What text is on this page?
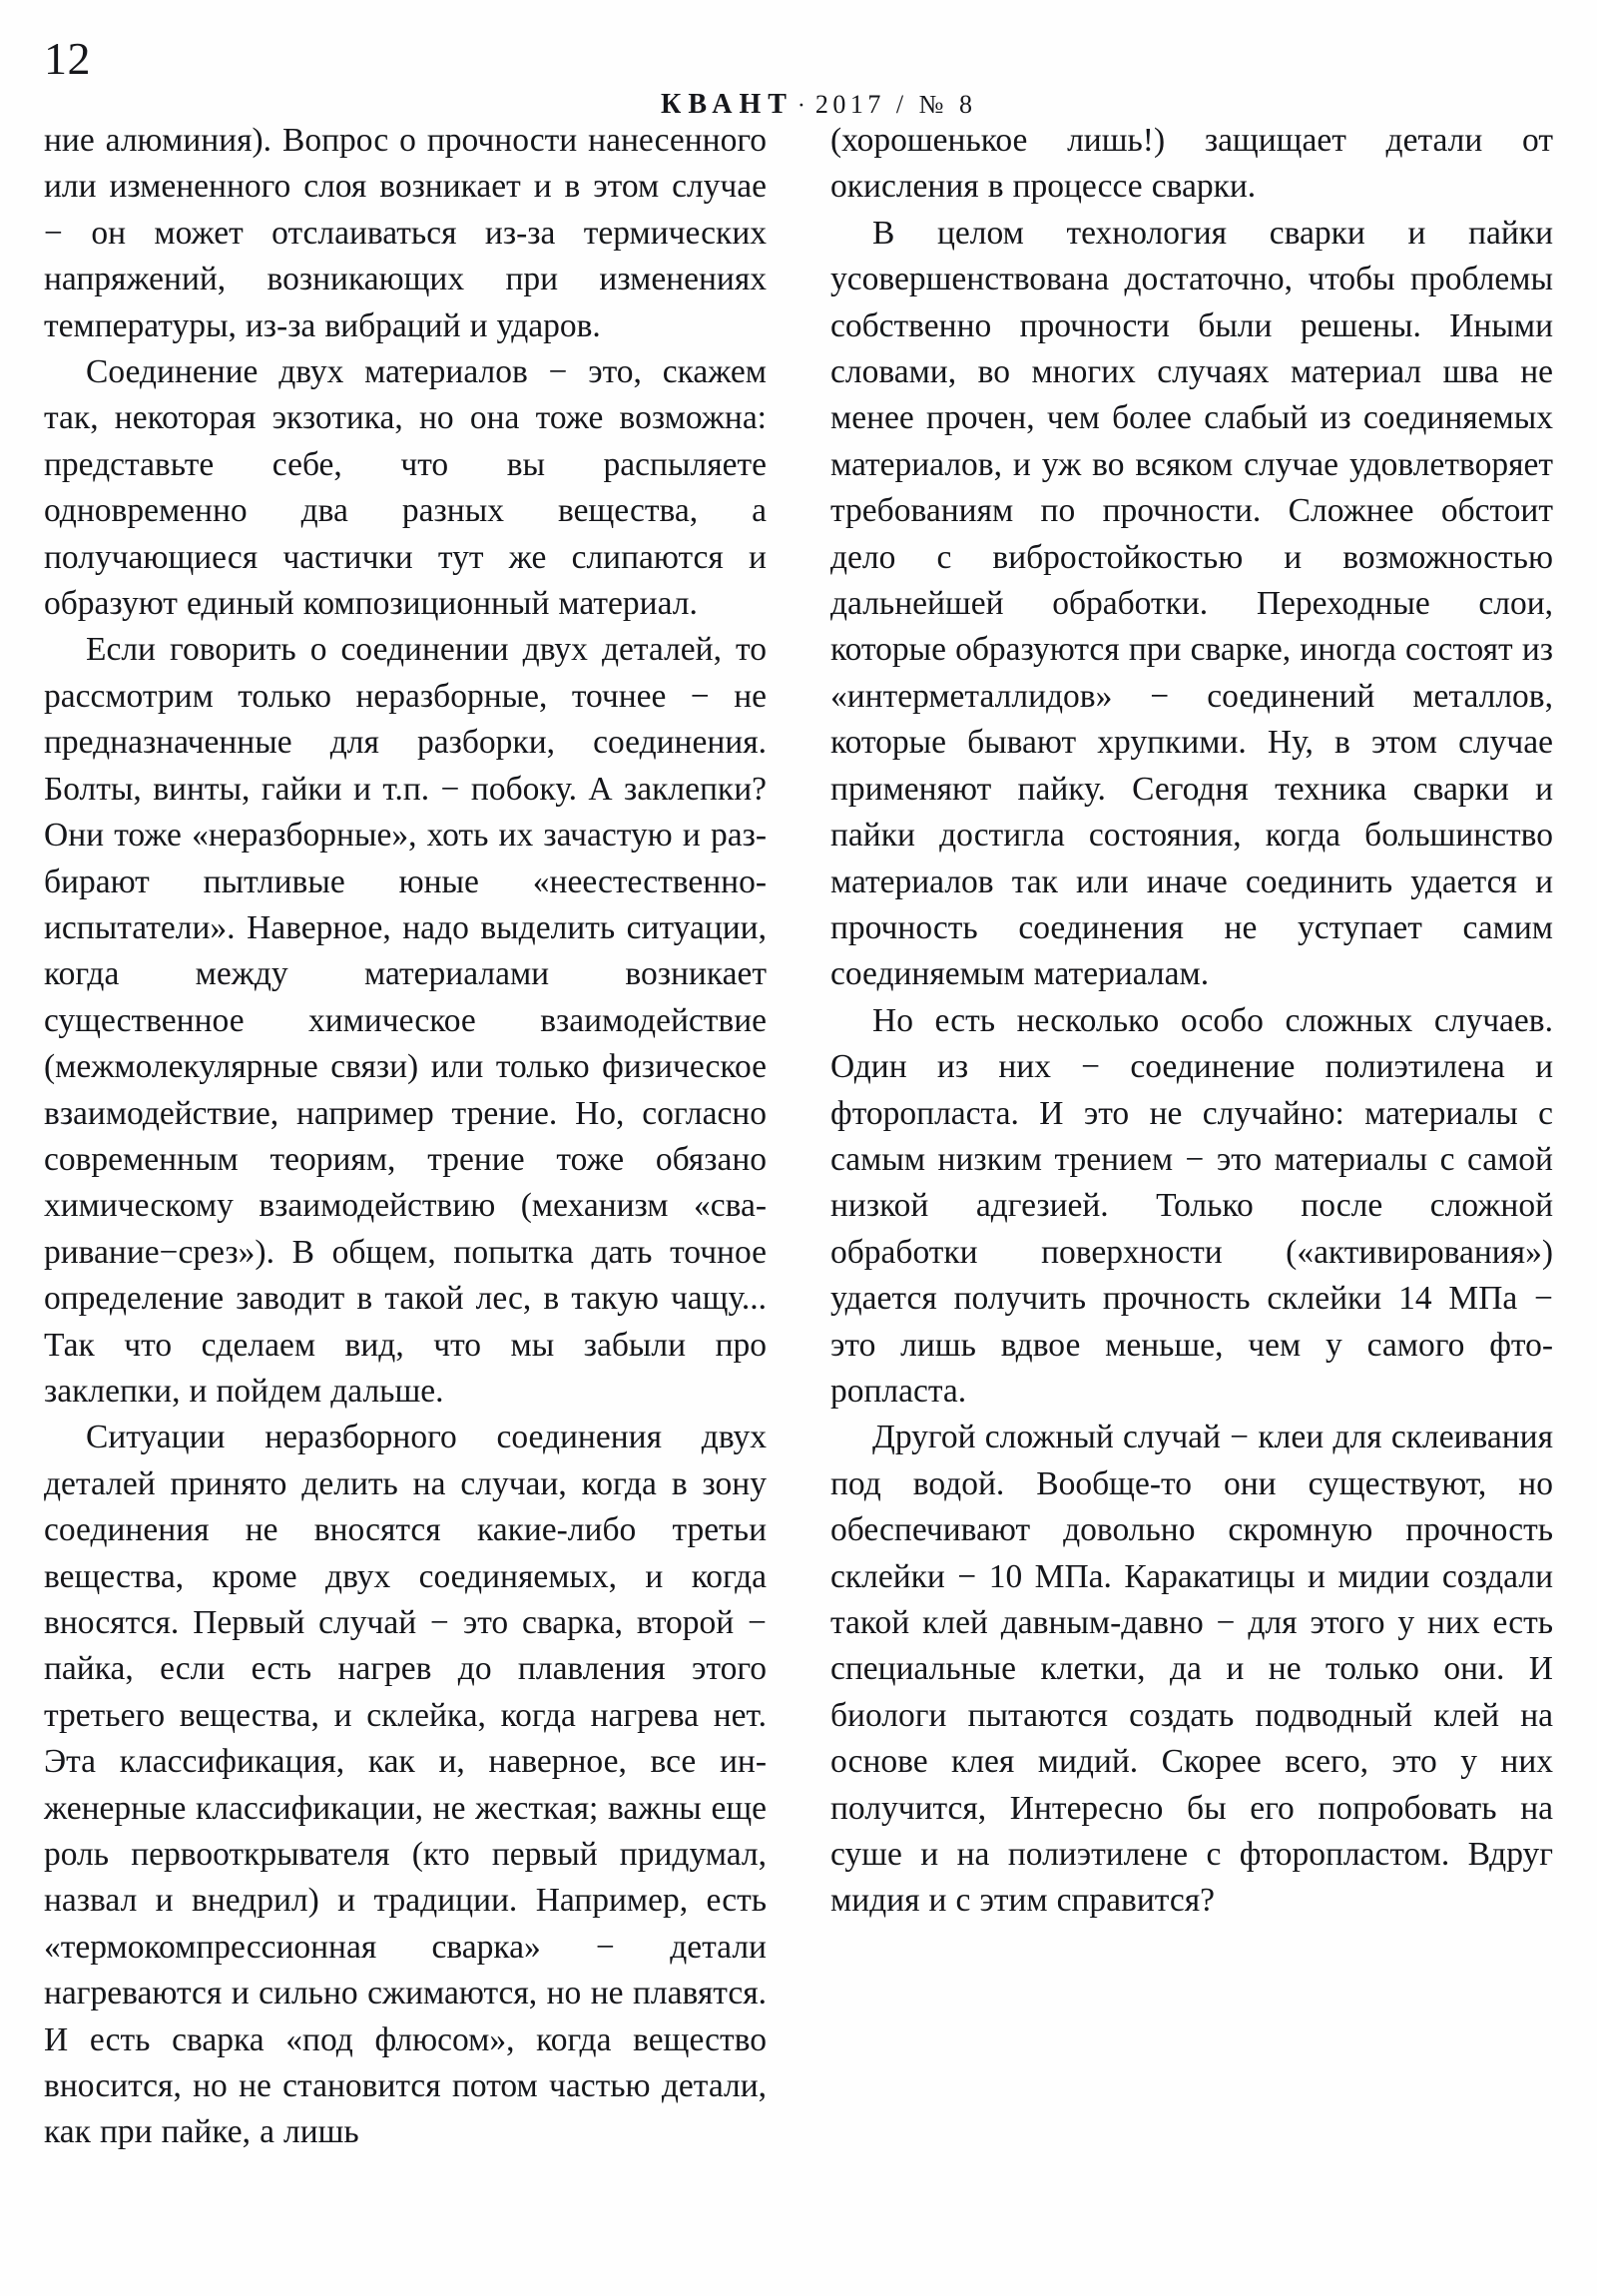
12

КВАНТ · 2017 / № 8

ние алюминия). Вопрос о прочности нанесенного или измененного слоя возникает и в этом случае − он может отслаиваться из-за термических напряжений, возникающих при изменениях температуры, из-за вибраций и ударов.

Соединение двух материалов − это, скажем так, некоторая экзотика, но она тоже возможна: представьте себе, что вы распыляете одновременно два разных вещества, а получающиеся частички тут же слипаются и образуют единый композиционный материал.

Если говорить о соединении двух деталей, то рассмотрим только неразборные, точнее − не предназначенные для разборки, соединения. Болты, винты, гайки и т.п. − побоку. А заклепки? Они тоже «неразборные», хоть их зачастую и разбирают пытливые юные «неестественноиспытатели». Наверное, надо выделить ситуации, когда между материалами возникает существенное химическое взаимодействие (межмолекулярные связи) или только физическое взаимодействие, например трение. Но, согласно современным теориям, трение тоже обязано химическому взаимодействию (механизм «сваривание−срез»). В общем, попытка дать точное определение заводит в такой лес, в такую чащу... Так что сделаем вид, что мы забыли про заклепки, и пойдем дальше.

Ситуации неразборного соединения двух деталей принято делить на случаи, когда в зону соединения не вносятся какие-либо третьи вещества, кроме двух соединяемых, и когда вносятся. Первый случай − это сварка, второй − пайка, если есть нагрев до плавления этого третьего вещества, и склейка, когда нагрева нет. Эта классификация, как и, наверное, все инженерные классификации, не жесткая; важны еще роль первооткрывателя (кто первый придумал, назвал и внедрил) и традиции. Например, есть «термокомпрессионная сварка» − детали нагреваются и сильно сжимаются, но не плавятся. И есть сварка «под флюсом», когда вещество вносится, но не становится потом частью детали, как при пайке, а лишь

(хорошенькое лишь!) защищает детали от окисления в процессе сварки.

В целом технология сварки и пайки усовершенствована достаточно, чтобы проблемы собственно прочности были решены. Иными словами, во многих случаях материал шва не менее прочен, чем более слабый из соединяемых материалов, и уж во всяком случае удовлетворяет требованиям по прочности. Сложнее обстоит дело с вибростойкостью и возможностью дальнейшей обработки. Переходные слои, которые образуются при сварке, иногда состоят из «интерметаллидов» − соединений металлов, которые бывают хрупкими. Ну, в этом случае применяют пайку. Сегодня техника сварки и пайки достигла состояния, когда большинство материалов так или иначе соединить удается и прочность соединения не уступает самим соединяемым материалам.

Но есть несколько особо сложных случаев. Один из них − соединение полиэтилена и фторопласта. И это не случайно: материалы с самым низким трением − это материалы с самой низкой адгезией. Только после сложной обработки поверхности («активирования») удается получить прочность склейки 14 МПа − это лишь вдвое меньше, чем у самого фторопласта.

Другой сложный случай − клеи для склеивания под водой. Вообще-то они существуют, но обеспечивают довольно скромную прочность склейки − 10 МПа. Каракатицы и мидии создали такой клей давным-давно − для этого у них есть специальные клетки, да и не только они. И биологи пытаются создать подводный клей на основе клея мидий. Скорее всего, это у них получится, Интересно бы его попробовать на суше и на полиэтилене с фторопластом. Вдруг мидия и с этим справится?
